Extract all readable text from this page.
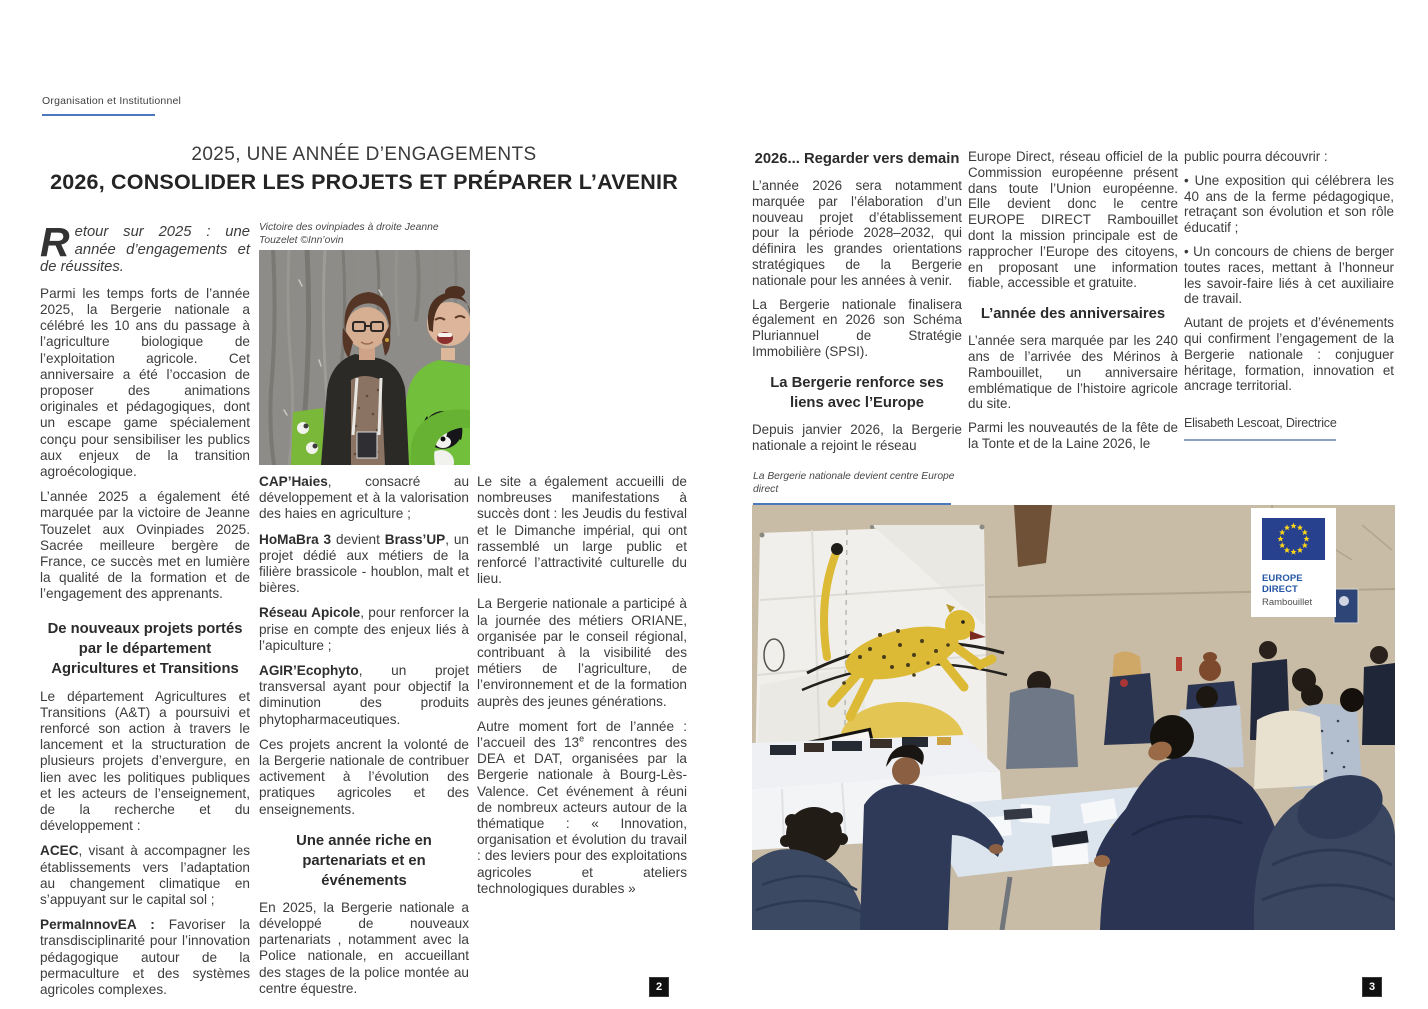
Organisation et Institutionnel
2025, UNE ANNÉE D’ENGAGEMENTS
2026, CONSOLIDER LES PROJETS ET PRÉPARER L’AVENIR

Retour sur 2025 : une année d’engagements et de réussites.

Parmi les temps forts de l’année 2025, la Bergerie nationale a célébré les 10 ans du passage à l’agriculture biologique de l’exploitation agricole. Cet anniversaire a été l’occasion de proposer des animations originales et pédagogiques, dont un escape game spécialement conçu pour sensibiliser les publics aux enjeux de la transition agroécologique.

L’année 2025 a également été marquée par la victoire de Jeanne Touzelet aux Ovinpiades 2025. Sacrée meilleure bergère de France, ce succès met en lumière la qualité de la formation et de l’engagement des apprenants.

De nouveaux projets portés par le département Agricultures et Transitions

Le département Agricultures et Transitions (A&T) a poursuivi et renforcé son action à travers le lancement et la structuration de plusieurs projets d’envergure, en lien avec les politiques publiques et les acteurs de l’enseignement, de la recherche et du développement :

ACEC, visant à accompagner les établissements vers l’adaptation au changement climatique en s’appuyant sur le capital sol ;

PermaInnovEA : Favoriser la transdisciplinarité pour l’innovation pédagogique autour de la permaculture et des systèmes agricoles complexes.

Victoire des ovinpiades à droite Jeanne Touzelet ©Inn’ovin

CAP’Haies, consacré au développement et à la valorisation des haies en agriculture ;

HoMaBra 3 devient Brass’UP, un projet dédié aux métiers de la filière brassicole - houblon, malt et bières.

Réseau Apicole, pour renforcer la prise en compte des enjeux liés à l’apiculture ;

AGIR’Ecophyto, un projet transversal ayant pour objectif la diminution des produits phytopharmaceutiques.

Ces projets ancrent la volonté de la Bergerie nationale de contribuer activement à l’évolution des pratiques agricoles et des enseignements.

Une année riche en partenariats et en événements

En 2025, la Bergerie nationale a développé de nouveaux partenariats , notamment avec la Police nationale, en accueillant des stages de la police montée au centre équestre.

Le site a également accueilli de nombreuses manifestations à succès dont : les Jeudis du festival et le Dimanche impérial, qui ont rassemblé un large public et renforcé l’attractivité culturelle du lieu.

La Bergerie nationale a participé à la journée des métiers ORIANE, organisée par le conseil régional, contribuant à la visibilité des métiers de l’agriculture, de l’environnement et de la formation auprès des jeunes générations.

Autre moment fort de l’année : l’accueil des 13e rencontres des DEA et DAT, organisées par la Bergerie nationale à Bourg-Lès-Valence. Cet événement à réuni de nombreux acteurs autour de la thématique : « Innovation, organisation et évolution du travail : des leviers pour des exploitations agricoles et ateliers technologiques durables »

2
2026... Regarder vers demain

L’année 2026 sera notamment marquée par l’élaboration d’un nouveau projet d’établissement pour la période 2028–2032, qui définira les grandes orientations stratégiques de la Bergerie nationale pour les années à venir.

La Bergerie nationale finalisera également en 2026 son Schéma Pluriannuel de Stratégie Immobilière (SPSI).

La Bergerie renforce ses liens avec l’Europe

Depuis janvier 2026, la Bergerie nationale a rejoint le réseau

Europe Direct, réseau officiel de la Commission européenne présent dans toute l’Union européenne. Elle devient donc le centre EUROPE DIRECT Rambouillet dont la mission principale est de rapprocher l’Europe des citoyens, en proposant une information fiable, accessible et gratuite.

L’année des anniversaires

L’année sera marquée par les 240 ans de l’arrivée des Mérinos à Rambouillet, un anniversaire emblématique de l’histoire agricole du site.

Parmi les nouveautés de la fête de la Tonte et de la Laine 2026, le

public pourra découvrir :

• Une exposition qui célébrera les 40 ans de la ferme pédagogique, retraçant son évolution et son rôle éducatif ;

• Un concours de chiens de berger toutes races, mettant à l’honneur les savoir-faire liés à cet auxiliaire de travail.

Autant de projets et d’événements qui confirment l’engagement de la Bergerie nationale : conjuguer héritage, formation, innovation et ancrage territorial.

Elisabeth Lescoat, Directrice
La Bergerie nationale devient centre Europe direct
EUROPE DIRECT
Rambouillet
3
